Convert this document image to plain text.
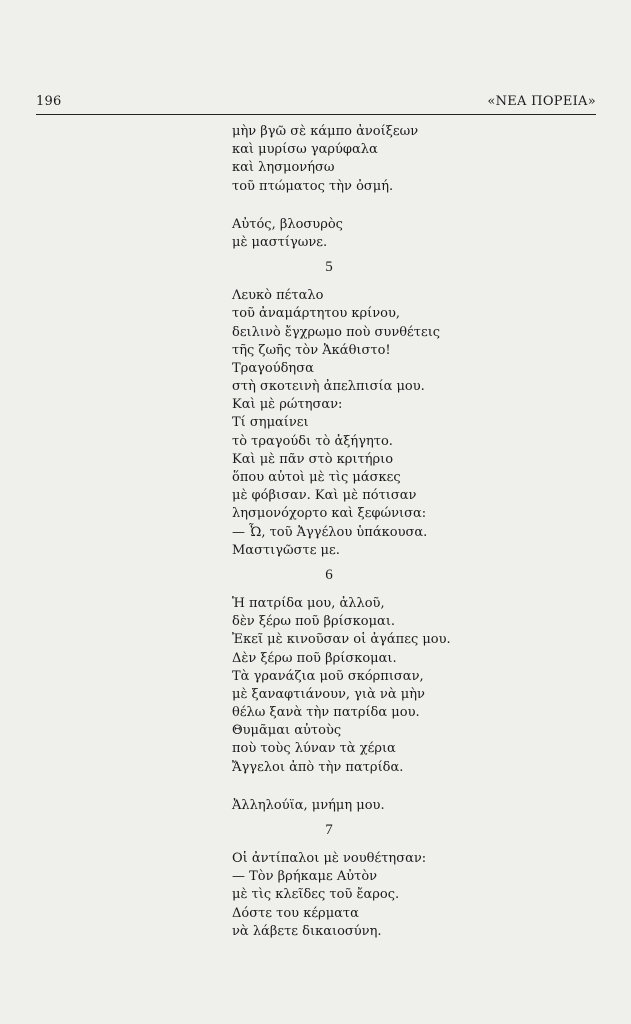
196	«ΝΕΑ ΠΟΡΕΙΑ»
μὴν βγῶ σὲ κάμπο ἀνοίξεων
καὶ μυρίσω γαρύφαλα
καὶ λησμονήσω
τοῦ πτώματος τὴν ὀσμή.
Αὐτός, βλοσυρὸς
μὲ μαστίγωνε.
5
Λευκὸ πέταλο
τοῦ ἀναμάρτητου κρίνου,
δειλινὸ ἔγχρωμο ποὺ συνθέτεις
τῆς ζωῆς τὸν Ἀκάθιστο!
Τραγούδησα
στὴ σκοτεινὴ ἀπελπισία μου.
Καὶ μὲ ρώτησαν:
Τί σημαίνει
τὸ τραγούδι τὸ ἀξήγητο.
Καὶ μὲ πᾶν στὸ κριτήριο
ὅπου αὐτοὶ μὲ τὶς μάσκες
μὲ φόβισαν. Καὶ μὲ πότισαν
λησμονόχορτο καὶ ξεφώνισα:
— Ὦ, τοῦ Ἀγγέλου ὑπάκουσα.
Μαστιγῶστε με.
6
Ἡ πατρίδα μου, ἀλλοῦ,
δὲν ξέρω ποῦ βρίσκομαι.
Ἐκεῖ μὲ κινοῦσαν οἱ ἀγάπες μου.
Δὲν ξέρω ποῦ βρίσκομαι.
Τὰ γρανάζια μοῦ σκόρπισαν,
μὲ ξαναφτιάνουν, γιὰ νὰ μὴν
θέλω ξανὰ τὴν πατρίδα μου.
Θυμᾶμαι αὐτοὺς
ποὺ τοὺς λύναν τὰ χέρια
Ἄγγελοι ἀπὸ τὴν πατρίδα.
Ἀλληλούϊα, μνήμη μου.
7
Οἱ ἀντίπαλοι μὲ νουθέτησαν:
— Τὸν βρήκαμε Αὐτὸν
μὲ τὶς κλεῖδες τοῦ ἔαρος.
Δόστε του κέρματα
νὰ λάβετε δικαιοσύνη.
